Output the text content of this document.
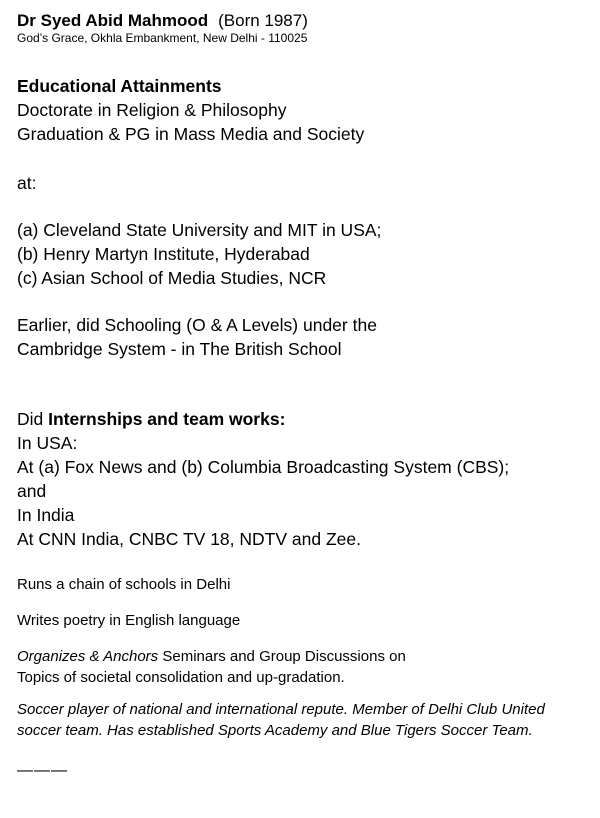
Dr Syed Abid Mahmood (Born 1987)
God’s Grace, Okhla Embankment, New Delhi - 110025
Educational Attainments
Doctorate in Religion & Philosophy
Graduation & PG in Mass Media and Society
at:
(a) Cleveland State University and MIT in USA;
(b) Henry Martyn Institute, Hyderabad
(c) Asian School of Media Studies, NCR
Earlier, did Schooling (O & A Levels) under the
Cambridge System - in The British School
Did Internships and team works:
In USA:
At (a) Fox News and (b) Columbia Broadcasting System (CBS);
and
In India
At CNN India, CNBC TV 18, NDTV and Zee.
Runs a chain of schools in Delhi
Writes poetry in English language
Organizes & Anchors Seminars and Group Discussions on
Topics of societal consolidation and up-gradation.
Soccer player of national and international repute. Member of Delhi Club United soccer team. Has established Sports Academy and Blue Tigers Soccer Team.
———
